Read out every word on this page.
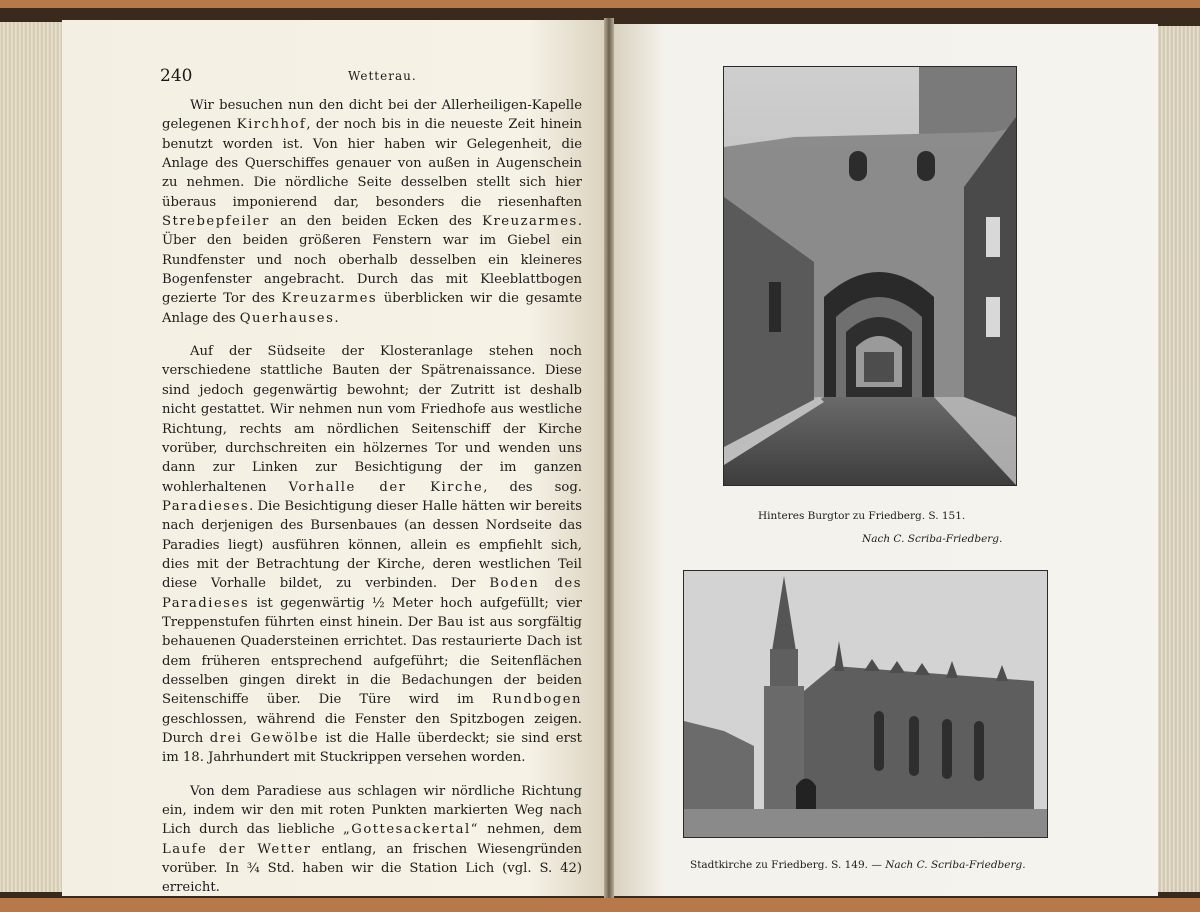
240	Wetterau.

Wir besuchen nun den dicht bei der Allerheiligen-Kapelle gelegenen Kirchhof, der noch bis in die neueste Zeit hinein benutzt worden ist. Von hier haben wir Gelegenheit, die Anlage des Querschiffes genauer von außen in Augenschein zu nehmen. Die nördliche Seite desselben stellt sich hier überaus imponierend dar, besonders die riesenhaften Strebepfeiler an den beiden Ecken des Kreuzarmes. Über den beiden größeren Fenstern war im Giebel ein Rundfenster und noch oberhalb desselben ein kleineres Bogenfenster angebracht. Durch das mit Kleeblattbogen gezierte Tor des Kreuzarmes überblicken wir die gesamte Anlage des Querhauses.

Auf der Südseite der Klosteranlage stehen noch verschiedene stattliche Bauten der Spätrenaissance. Diese sind jedoch gegenwärtig bewohnt; der Zutritt ist deshalb nicht gestattet. Wir nehmen nun vom Friedhofe aus westliche Richtung, rechts am nördlichen Seitenschiff der Kirche vorüber, durchschreiten ein hölzernes Tor und wenden uns dann zur Linken zur Besichtigung der im ganzen wohlerhaltenen Vorhalle der Kirche, des sog. Paradieses. Die Besichtigung dieser Halle hätten wir bereits nach derjenigen des Bursenbaues (an dessen Nordseite das Paradies liegt) ausführen können, allein es empfiehlt sich, dies mit der Betrachtung der Kirche, deren westlichen Teil diese Vorhalle bildet, zu verbinden. Der Boden des Paradieses ist gegenwärtig ½ Meter hoch aufgefüllt; vier Treppenstufen führten einst hinein. Der Bau ist aus sorgfältig behauenen Quadersteinen errichtet. Das restaurierte Dach ist dem früheren entsprechend aufgeführt; die Seitenflächen desselben gingen direkt in die Bedachungen der beiden Seitenschiffe über. Die Türe wird im Rundbogen geschlossen, während die Fenster den Spitzbogen zeigen. Durch drei Gewölbe ist die Halle überdeckt; sie sind erst im 18. Jahrhundert mit Stuckrippen versehen worden.

Von dem Paradiese aus schlagen wir nördliche Richtung ein, indem wir den mit roten Punkten markierten Weg nach Lich durch das liebliche „Gottesackertal“ nehmen, dem Laufe der Wetter entlang, an frischen Wiesengründen vorüber. In ¾ Std. haben wir die Station Lich (vgl. S. 42) erreicht.

Hinteres Burgtor zu Friedberg. S. 151.
Nach C. Scriba-Friedberg.
Stadtkirche zu Friedberg. S. 149. — Nach C. Scriba-Friedberg.
